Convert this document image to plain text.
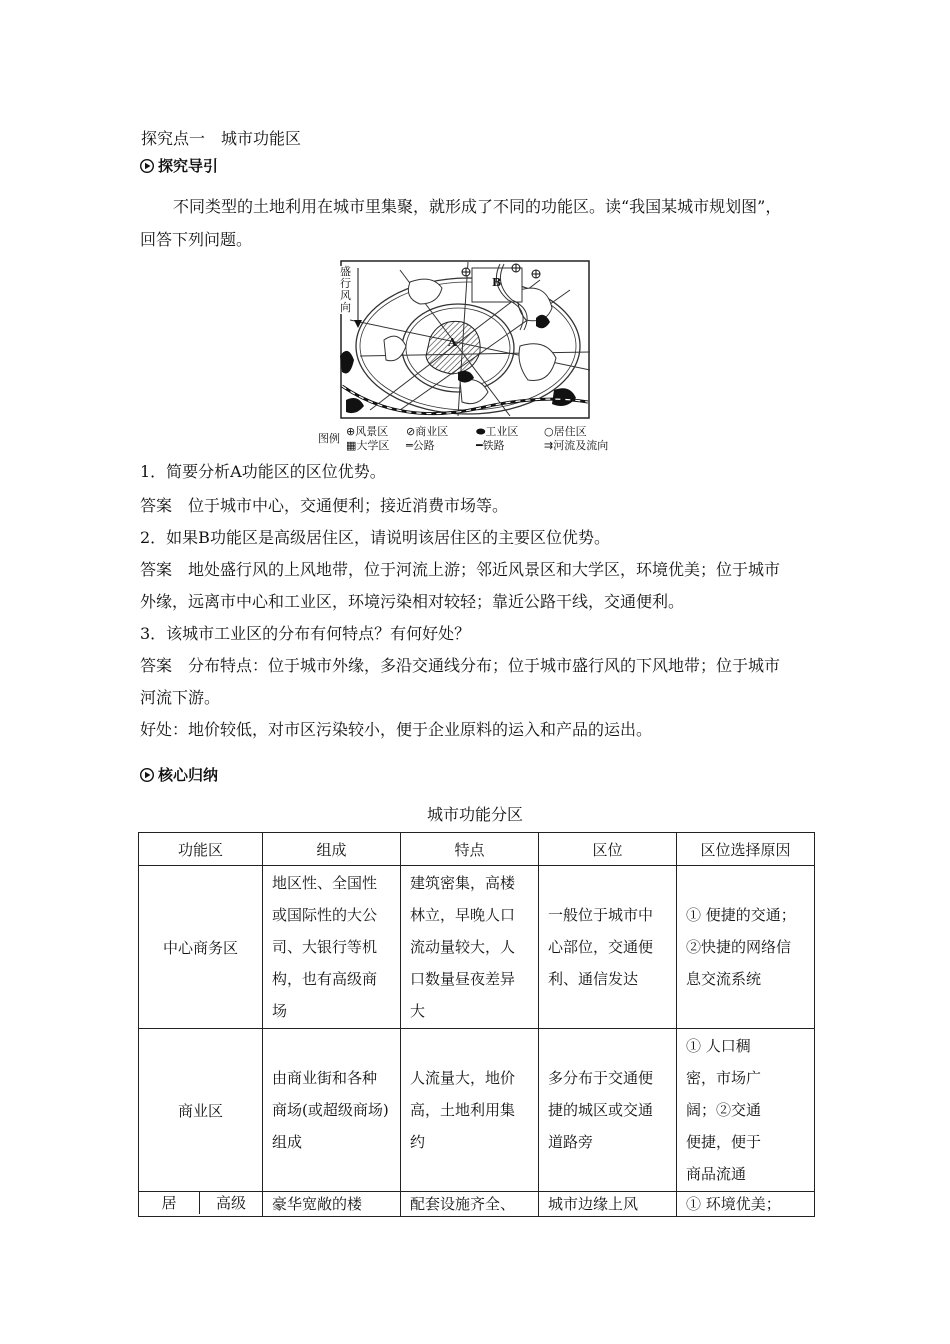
探究点一　城市功能区
探究导引
不同类型的土地利用在城市里集聚，就形成了不同的功能区。读“我国某城市规划图”，
回答下列问题。
盛
行
风
向
A
B
图例
⊕风景区
▦大学区
⊘商业区
═公路
⬬工业区
━铁路
○居住区
⇉河流及流向
1．简要分析A功能区的区位优势。
答案　 位于城市中心，交通便利；接近消费市场等。
2．如果B功能区是高级居住区，请说明该居住区的主要区位优势。
答案　 地处盛行风的上风地带，位于河流上游；邻近风景区和大学区，环境优美；位于城市
外缘，远离市中心和工业区，环境污染相对较轻；靠近公路干线，交通便利。
3．该城市工业区的分布有何特点？有何好处？
答案　 分布特点：位于城市外缘，多沿交通线分布；位于城市盛行风的下风地带；位于城市
河流下游。
好处：地价较低，对市区污染较小，便于企业原料的运入和产品的运出。
核心归纳
城市功能分区
功能区	组成	特点	区位	区位选择原因
中心商务区	地区性、全国性或国际性的大公司、大银行等机构，也有高级商场	建筑密集，高楼林立，早晚人口流动量较大，人口数量昼夜差异大	一般位于城市中心部位，交通便利、通信发达	① 便捷的交通；②快捷的网络信息交流系统

商业区	由商业街和各种商场(或超级商场)组成	人流量大，地价高，土地利用集约	多分布于交通便捷的城区或交通道路旁	① 人口稠密，市场广阔；②交通便捷，便于商品流通

居 高级	豪华宽敞的楼	配套设施齐全、	城市边缘上风	① 环境优美；
